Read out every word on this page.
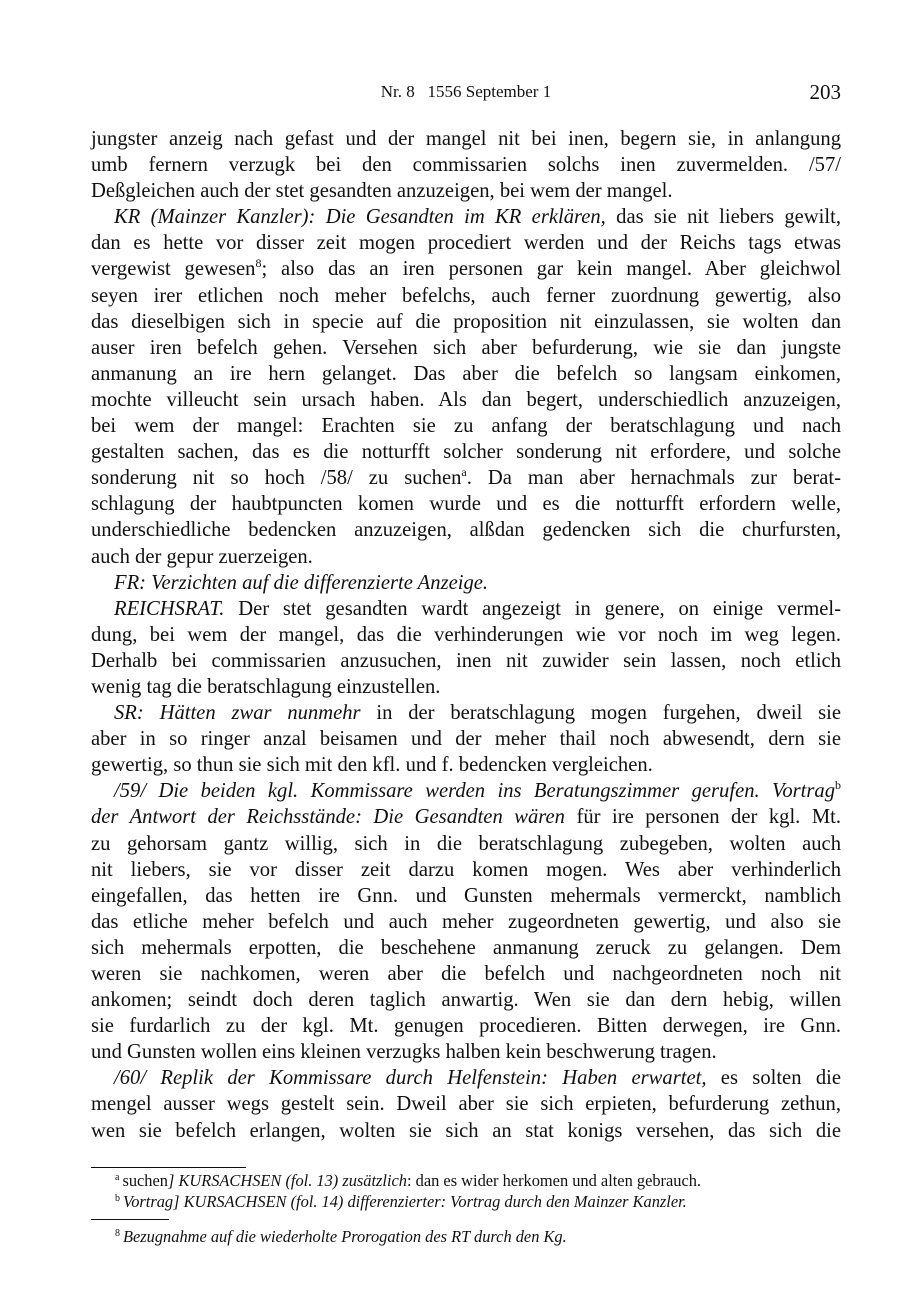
Nr. 8   1556 September 1	203
jungster anzeig nach gefast und der mangel nit bei inen, begern sie, in anlangung
umb fernern verzugk bei den commissarien solchs inen zuvermelden. /57/
Deßgleichen auch der stet gesandten anzuzeigen, bei wem der mangel.
KR (Mainzer Kanzler): Die Gesandten im KR erklären, das sie nit liebers gewilt,
dan es hette vor disser zeit mogen procediert werden und der Reichs tags etwas
vergewist gewesen$^8$; also das an iren personen gar kein mangel. Aber gleichwol
seyen irer etlichen noch meher befelchs, auch ferner zuordnung gewertig, also
das dieselbigen sich in specie auf die proposition nit einzulassen, sie wolten dan
auser iren befelch gehen. Versehen sich aber befurderung, wie sie dan jungste
anmanung an ire hern gelanget. Das aber die befelch so langsam einkomen,
mochte villeucht sein ursach haben. Als dan begert, underschiedlich anzuzeigen,
bei wem der mangel: Erachten sie zu anfang der beratschlagung und nach
gestalten sachen, das es die notturfft solcher sonderung nit erfordere, und solche
sonderung nit so hoch /58/ zu suchen$^a$. Da man aber hernachmals zur berat-
schlagung der haubtpuncten komen wurde und es die notturfft erfordern welle,
underschiedliche bedencken anzuzeigen, alßdan gedencken sich die churfursten,
auch der gepur zuerzeigen.
FR: Verzichten auf die differenzierte Anzeige.
REICHSRAT. Der stet gesandten wardt angezeigt in genere, on einige vermel-
dung, bei wem der mangel, das die verhinderungen wie vor noch im weg legen.
Derhalb bei commissarien anzusuchen, inen nit zuwider sein lassen, noch etlich
wenig tag die beratschlagung einzustellen.
SR: Hätten zwar nunmehr in der beratschlagung mogen furgehen, dweil sie
aber in so ringer anzal beisamen und der meher thail noch abwesendt, dern sie
gewertig, so thun sie sich mit den kfl. und f. bedencken vergleichen.
/59/ Die beiden kgl. Kommissare werden ins Beratungszimmer gerufen. Vortrag$^b$
der Antwort der Reichsstände: Die Gesandten wären für ire personen der kgl. Mt.
zu gehorsam gantz willig, sich in die beratschlagung zubegeben, wolten auch
nit liebers, sie vor disser zeit darzu komen mogen. Wes aber verhinderlich
eingefallen, das hetten ire Gnn. und Gunsten mehermals vermerckt, namblich
das etliche meher befelch und auch meher zugeordneten gewertig, und also sie
sich mehermals erpotten, die beschehene anmanung zeruck zu gelangen. Dem
weren sie nachkomen, weren aber die befelch und nachgeordneten noch nit
ankomen; seindt doch deren taglich anwartig. Wen sie dan dern hebig, willen
sie furdarlich zu der kgl. Mt. genugen procedieren. Bitten derwegen, ire Gnn.
und Gunsten wollen eins kleinen verzugks halben kein beschwerung tragen.
/60/ Replik der Kommissare durch Helfenstein: Haben erwartet, es solten die
mengel ausser wegs gestelt sein. Dweil aber sie sich erpieten, befurderung zethun,
wen sie befelch erlangen, wolten sie sich an stat konigs versehen, das sich die
$^a$ suchen] KURSACHSEN (fol. 13) zusätzlich: dan es wider herkomen und alten gebrauch.
$^b$ Vortrag] KURSACHSEN (fol. 14) differenzierter: Vortrag durch den Mainzer Kanzler.
$^8$ Bezugnahme auf die wiederholte Prorogation des RT durch den Kg.
